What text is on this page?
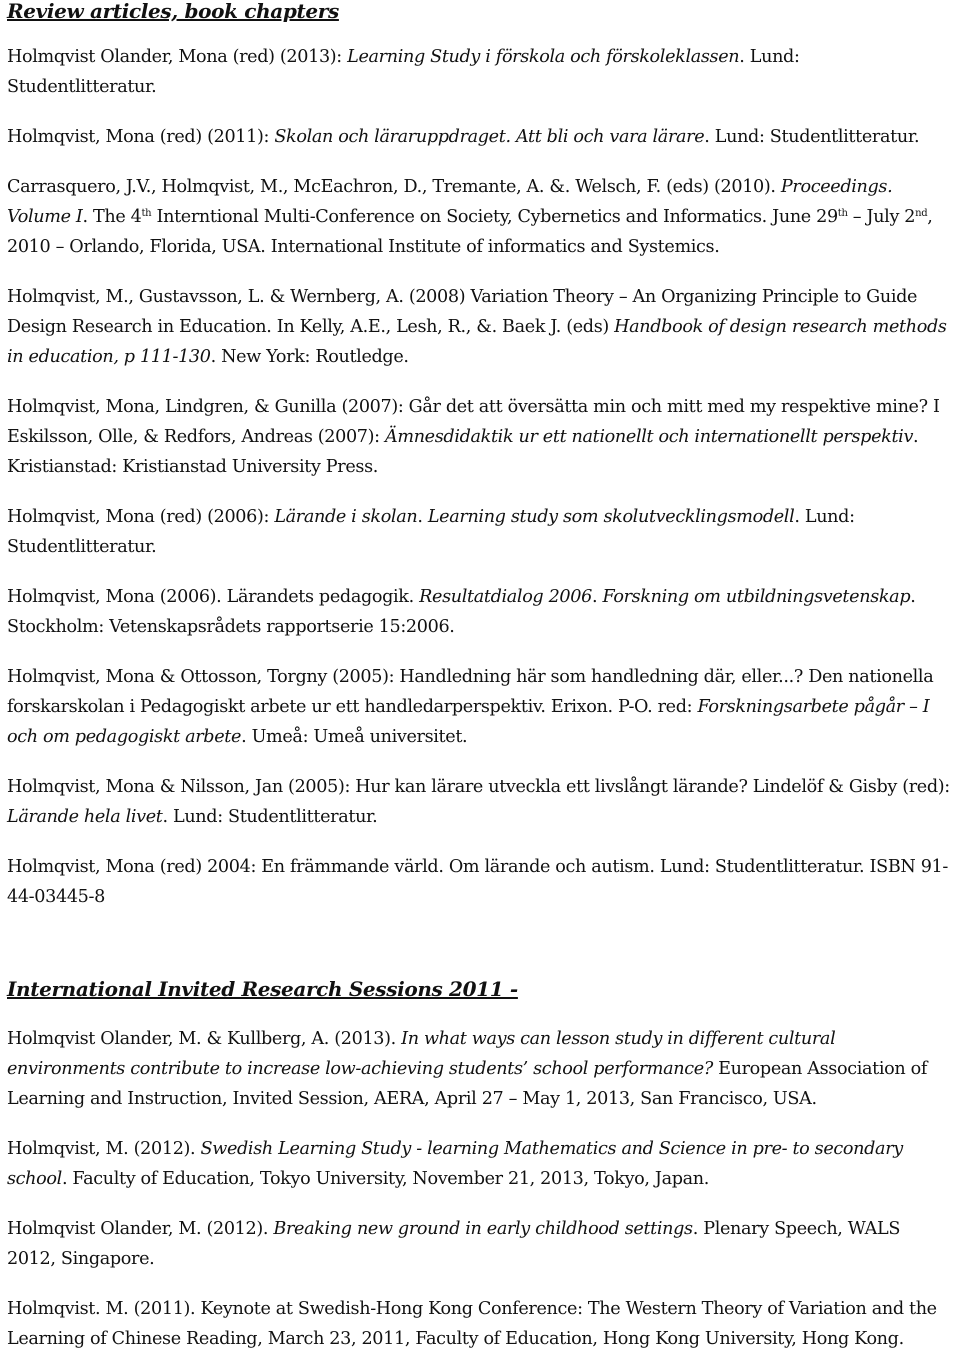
Review articles, book chapters

Holmqvist Olander, Mona (red) (2013): Learning Study i förskola och förskoleklassen. Lund: Studentlitteratur.

Holmqvist, Mona (red) (2011): Skolan och läraruppdraget. Att bli och vara lärare. Lund: Studentlitteratur.

Carrasquero, J.V., Holmqvist, M., McEachron, D., Tremante, A. &. Welsch, F. (eds) (2010). Proceedings. Volume I. The 4th Interntional Multi-Conference on Society, Cybernetics and Informatics. June 29th – July 2nd, 2010 – Orlando, Florida, USA. International Institute of informatics and Systemics.

Holmqvist, M., Gustavsson, L. & Wernberg, A. (2008) Variation Theory – An Organizing Principle to Guide Design Research in Education. In Kelly, A.E., Lesh, R., &. Baek J. (eds) Handbook of design research methods in education, p 111-130. New York: Routledge.

Holmqvist, Mona, Lindgren, & Gunilla (2007): Går det att översätta min och mitt med my respektive mine? I Eskilsson, Olle, & Redfors, Andreas (2007): Ämnesdidaktik ur ett nationellt och internationellt perspektiv. Kristianstad: Kristianstad University Press.

Holmqvist, Mona (red) (2006): Lärande i skolan. Learning study som skolutvecklingsmodell. Lund: Studentlitteratur.

Holmqvist, Mona (2006). Lärandets pedagogik. Resultatdialog 2006. Forskning om utbildningsvetenskap. Stockholm: Vetenskapsrådets rapportserie 15:2006.

Holmqvist, Mona & Ottosson, Torgny (2005): Handledning här som handledning där, eller...? Den nationella forskarskolan i Pedagogiskt arbete ur ett handledarperspektiv. Erixon. P-O. red: Forskningsarbete pågår – I och om pedagogiskt arbete. Umeå: Umeå universitet.

Holmqvist, Mona & Nilsson, Jan (2005): Hur kan lärare utveckla ett livslångt lärande? Lindelöf & Gisby (red): Lärande hela livet. Lund: Studentlitteratur.

Holmqvist, Mona (red) 2004: En främmande värld. Om lärande och autism. Lund: Studentlitteratur. ISBN 91-44-03445-8

International Invited Research Sessions 2011 -

Holmqvist Olander, M. & Kullberg, A. (2013). In what ways can lesson study in different cultural environments contribute to increase low-achieving students’ school performance? European Association of Learning and Instruction, Invited Session, AERA, April 27 – May 1, 2013, San Francisco, USA.

Holmqvist, M. (2012). Swedish Learning Study - learning Mathematics and Science in pre- to secondary school. Faculty of Education, Tokyo University, November 21, 2013, Tokyo, Japan.

Holmqvist Olander, M. (2012). Breaking new ground in early childhood settings. Plenary Speech, WALS 2012, Singapore.

Holmqvist. M. (2011). Keynote at Swedish-Hong Kong Conference: The Western Theory of Variation and the Learning of Chinese Reading, March 23, 2011, Faculty of Education, Hong Kong University, Hong Kong.
